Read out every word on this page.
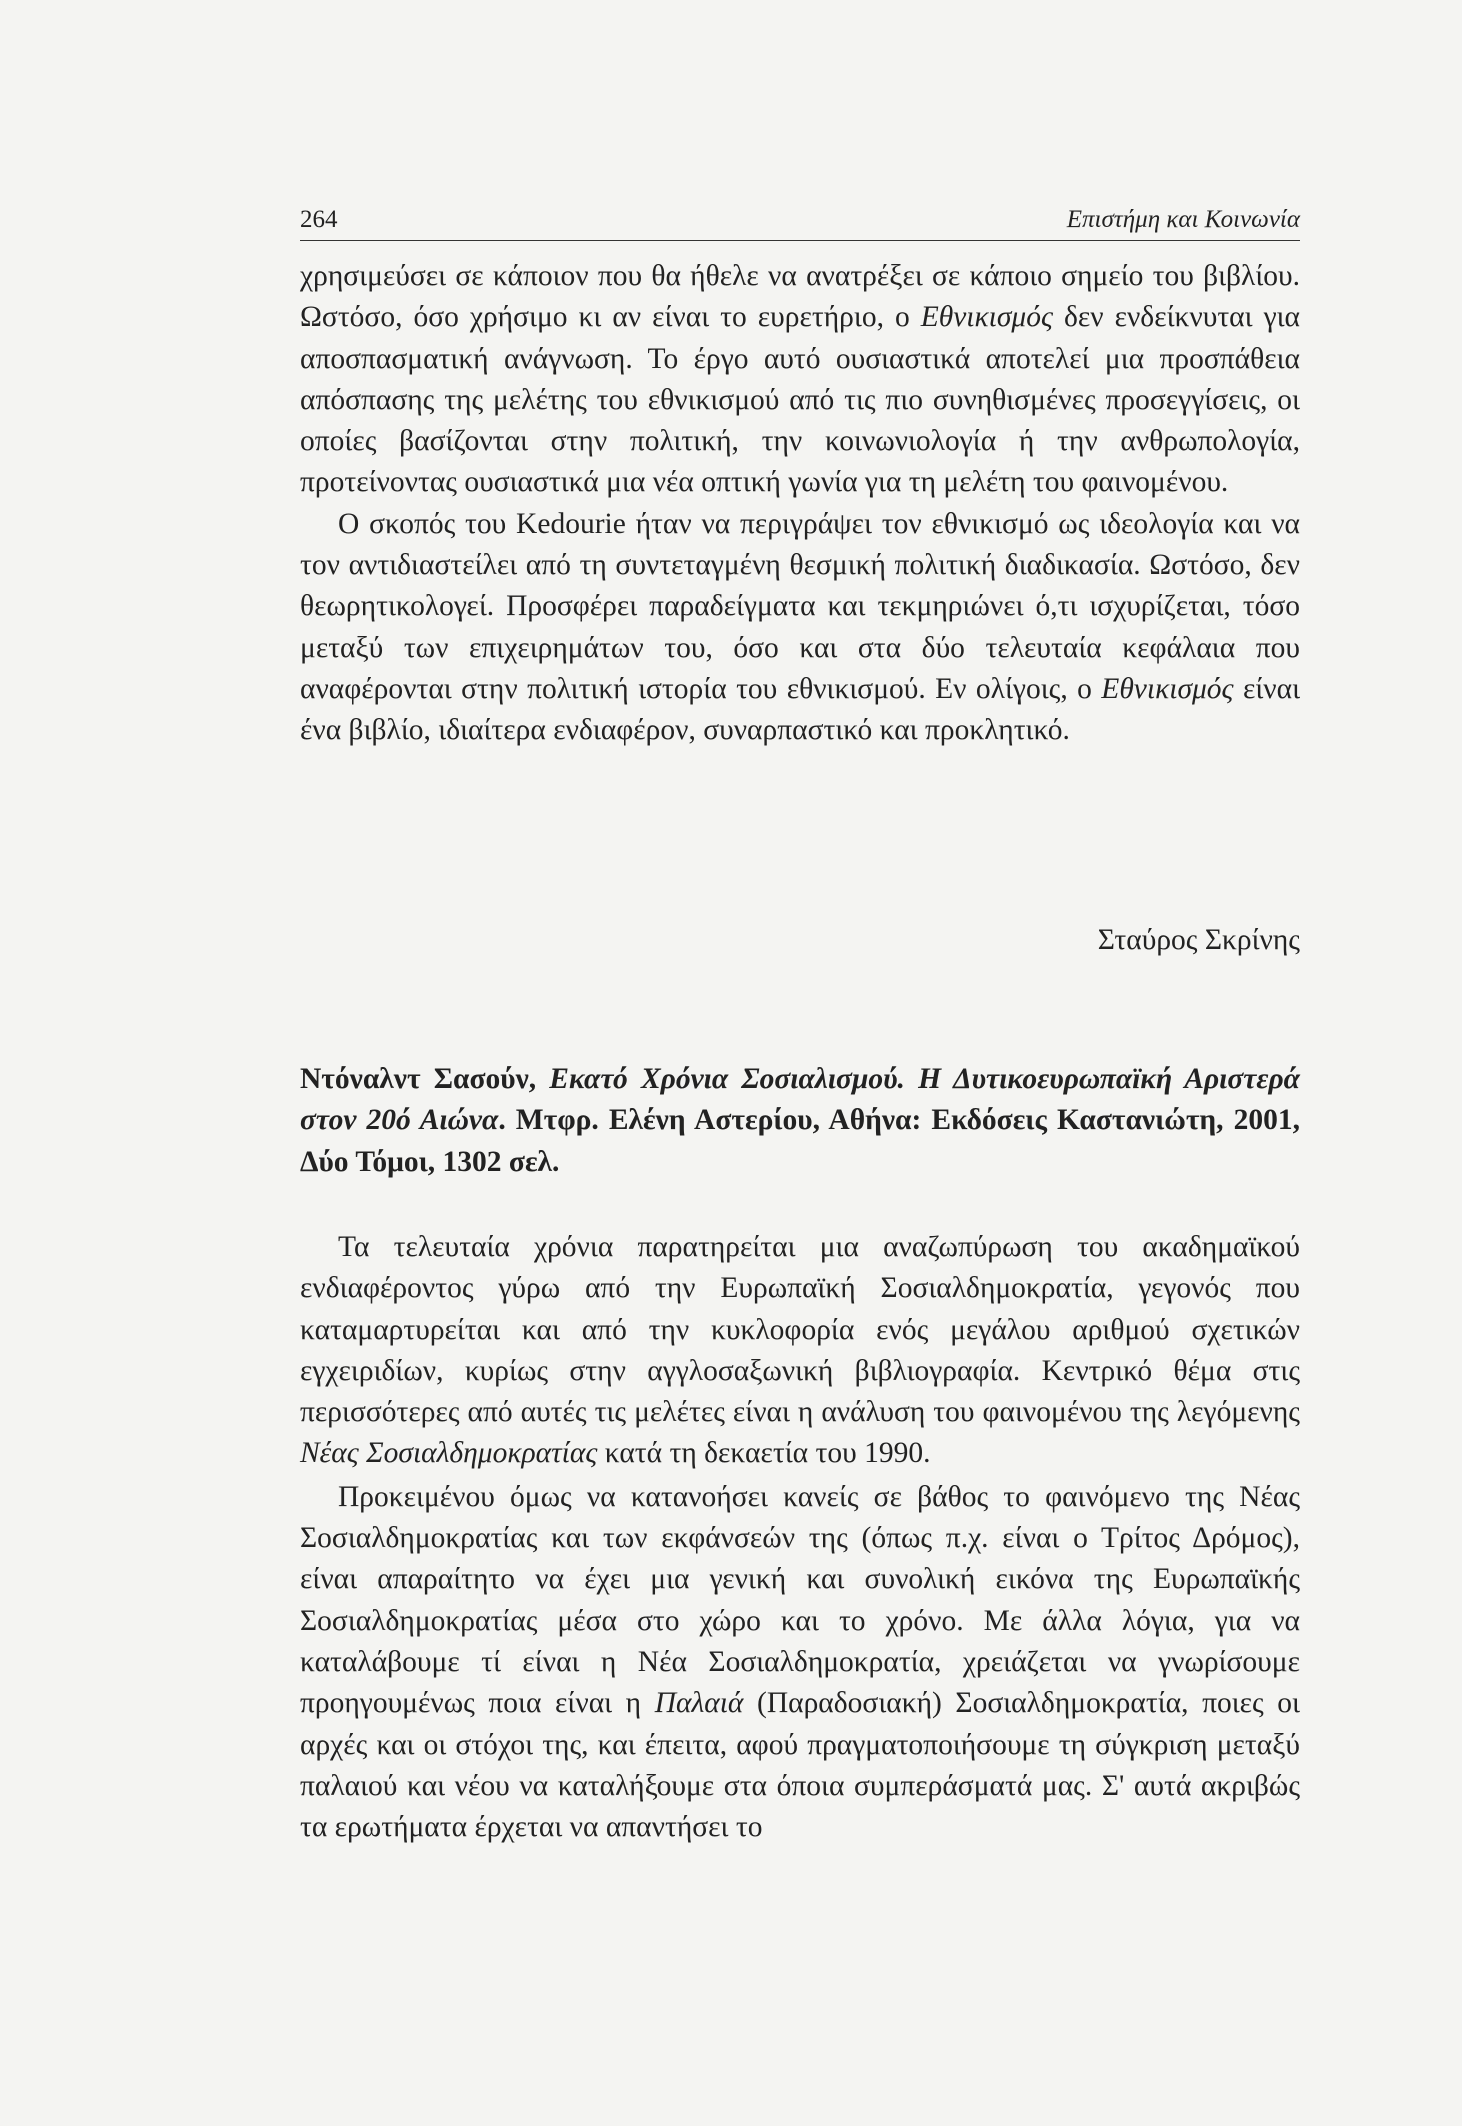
264	Επιστήμη και Κοινωνία

χρησιμεύσει σε κάποιον που θα ήθελε να ανατρέξει σε κάποιο σημείο του βιβλίου. Ωστόσο, όσο χρήσιμο κι αν είναι το ευρετήριο, ο Εθνικισμός δεν ενδείκνυται για αποσπασματική ανάγνωση. Το έργο αυτό ουσιαστικά αποτελεί μια προσπάθεια απόσπασης της μελέτης του εθνικισμού από τις πιο συνηθισμένες προσεγγίσεις, οι οποίες βασίζονται στην πολιτική, την κοινωνιολογία ή την ανθρωπολογία, προτείνοντας ουσιαστικά μια νέα οπτική γωνία για τη μελέτη του φαινομένου.

Ο σκοπός του Kedourie ήταν να περιγράψει τον εθνικισμό ως ιδεολογία και να τον αντιδιαστείλει από τη συντεταγμένη θεσμική πολιτική διαδικασία. Ωστόσο, δεν θεωρητικολογεί. Προσφέρει παραδείγματα και τεκμηριώνει ό,τι ισχυρίζεται, τόσο μεταξύ των επιχειρημάτων του, όσο και στα δύο τελευταία κεφάλαια που αναφέρονται στην πολιτική ιστορία του εθνικισμού. Εν ολίγοις, ο Εθνικισμός είναι ένα βιβλίο, ιδιαίτερα ενδιαφέρον, συναρπαστικό και προκλητικό.

Σταύρος Σκρίνης
Ντόναλντ Σασούν, Εκατό Χρόνια Σοσιαλισμού. Η Δυτικοευρωπαϊκή Αριστερά στον 20ό Αιώνα. Μτφρ. Ελένη Αστερίου, Αθήνα: Εκδόσεις Καστανιώτη, 2001, Δύο Τόμοι, 1302 σελ.

Τα τελευταία χρόνια παρατηρείται μια αναζωπύρωση του ακαδημαϊκού ενδιαφέροντος γύρω από την Ευρωπαϊκή Σοσιαλδημοκρατία, γεγονός που καταμαρτυρείται και από την κυκλοφορία ενός μεγάλου αριθμού σχετικών εγχειριδίων, κυρίως στην αγγλοσαξωνική βιβλιογραφία. Κεντρικό θέμα στις περισσότερες από αυτές τις μελέτες είναι η ανάλυση του φαινομένου της λεγόμενης Νέας Σοσιαλδημοκρατίας κατά τη δεκαετία του 1990.

Προκειμένου όμως να κατανοήσει κανείς σε βάθος το φαινόμενο της Νέας Σοσιαλδημοκρατίας και των εκφάνσεών της (όπως π.χ. είναι ο Τρίτος Δρόμος), είναι απαραίτητο να έχει μια γενική και συνολική εικόνα της Ευρωπαϊκής Σοσιαλδημοκρατίας μέσα στο χώρο και το χρόνο. Με άλλα λόγια, για να καταλάβουμε τί είναι η Νέα Σοσιαλδημοκρατία, χρειάζεται να γνωρίσουμε προηγουμένως ποια είναι η Παλαιά (Παραδοσιακή) Σοσιαλδημοκρατία, ποιες οι αρχές και οι στόχοι της, και έπειτα, αφού πραγματοποιήσουμε τη σύγκριση μεταξύ παλαιού και νέου να καταλήξουμε στα όποια συμπεράσματά μας. Σ' αυτά ακριβώς τα ερωτήματα έρχεται να απαντήσει το
